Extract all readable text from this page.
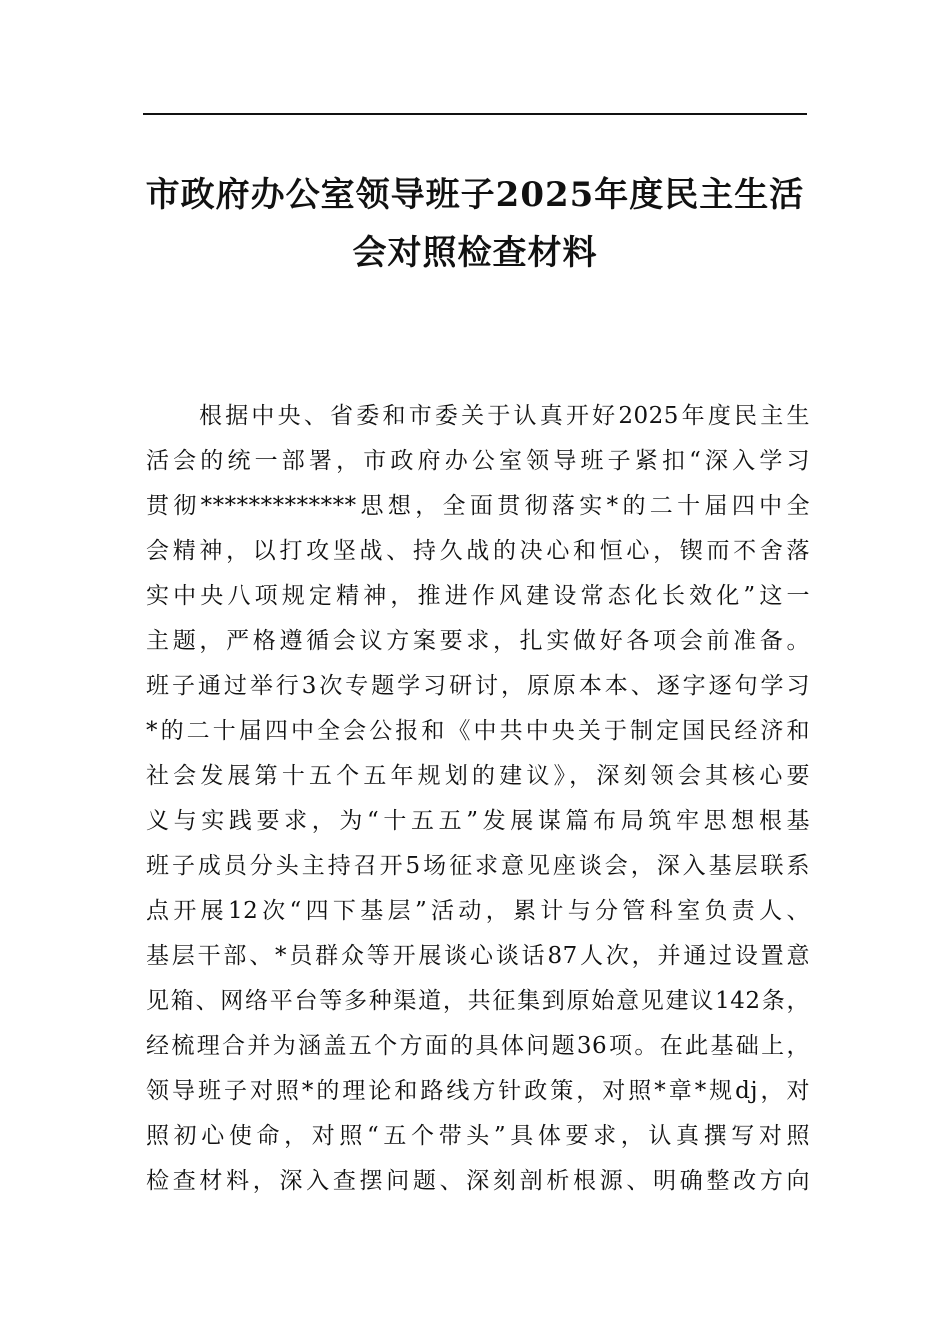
市政府办公室领导班子2025年度民主生活
会对照检查材料
根据中央、省委和市委关于认真开好2025年度民主生
活会的统一部署，市政府办公室领导班子紧扣“深入学习
贯彻*************思想，全面贯彻落实*的二十届四中全
会精神，以打攻坚战、持久战的决心和恒心，锲而不舍落
实中央八项规定精神，推进作风建设常态化长效化”这一
主题，严格遵循会议方案要求，扎实做好各项会前准备。
班子通过举行3次专题学习研讨，原原本本、逐字逐句学习
*的二十届四中全会公报和《中共中央关于制定国民经济和
社会发展第十五个五年规划的建议》，深刻领会其核心要
义与实践要求，为“十五五”发展谋篇布局筑牢思想根基
班子成员分头主持召开5场征求意见座谈会，深入基层联系
点开展12次“四下基层”活动，累计与分管科室负责人、
基层干部、*员群众等开展谈心谈话87人次，并通过设置意
见箱、网络平台等多种渠道，共征集到原始意见建议142条，
经梳理合并为涵盖五个方面的具体问题36项。在此基础上，
领导班子对照*的理论和路线方针政策，对照*章*规dj，对
照初心使命，对照“五个带头”具体要求，认真撰写对照
检查材料，深入查摆问题、深刻剖析根源、明确整改方向
